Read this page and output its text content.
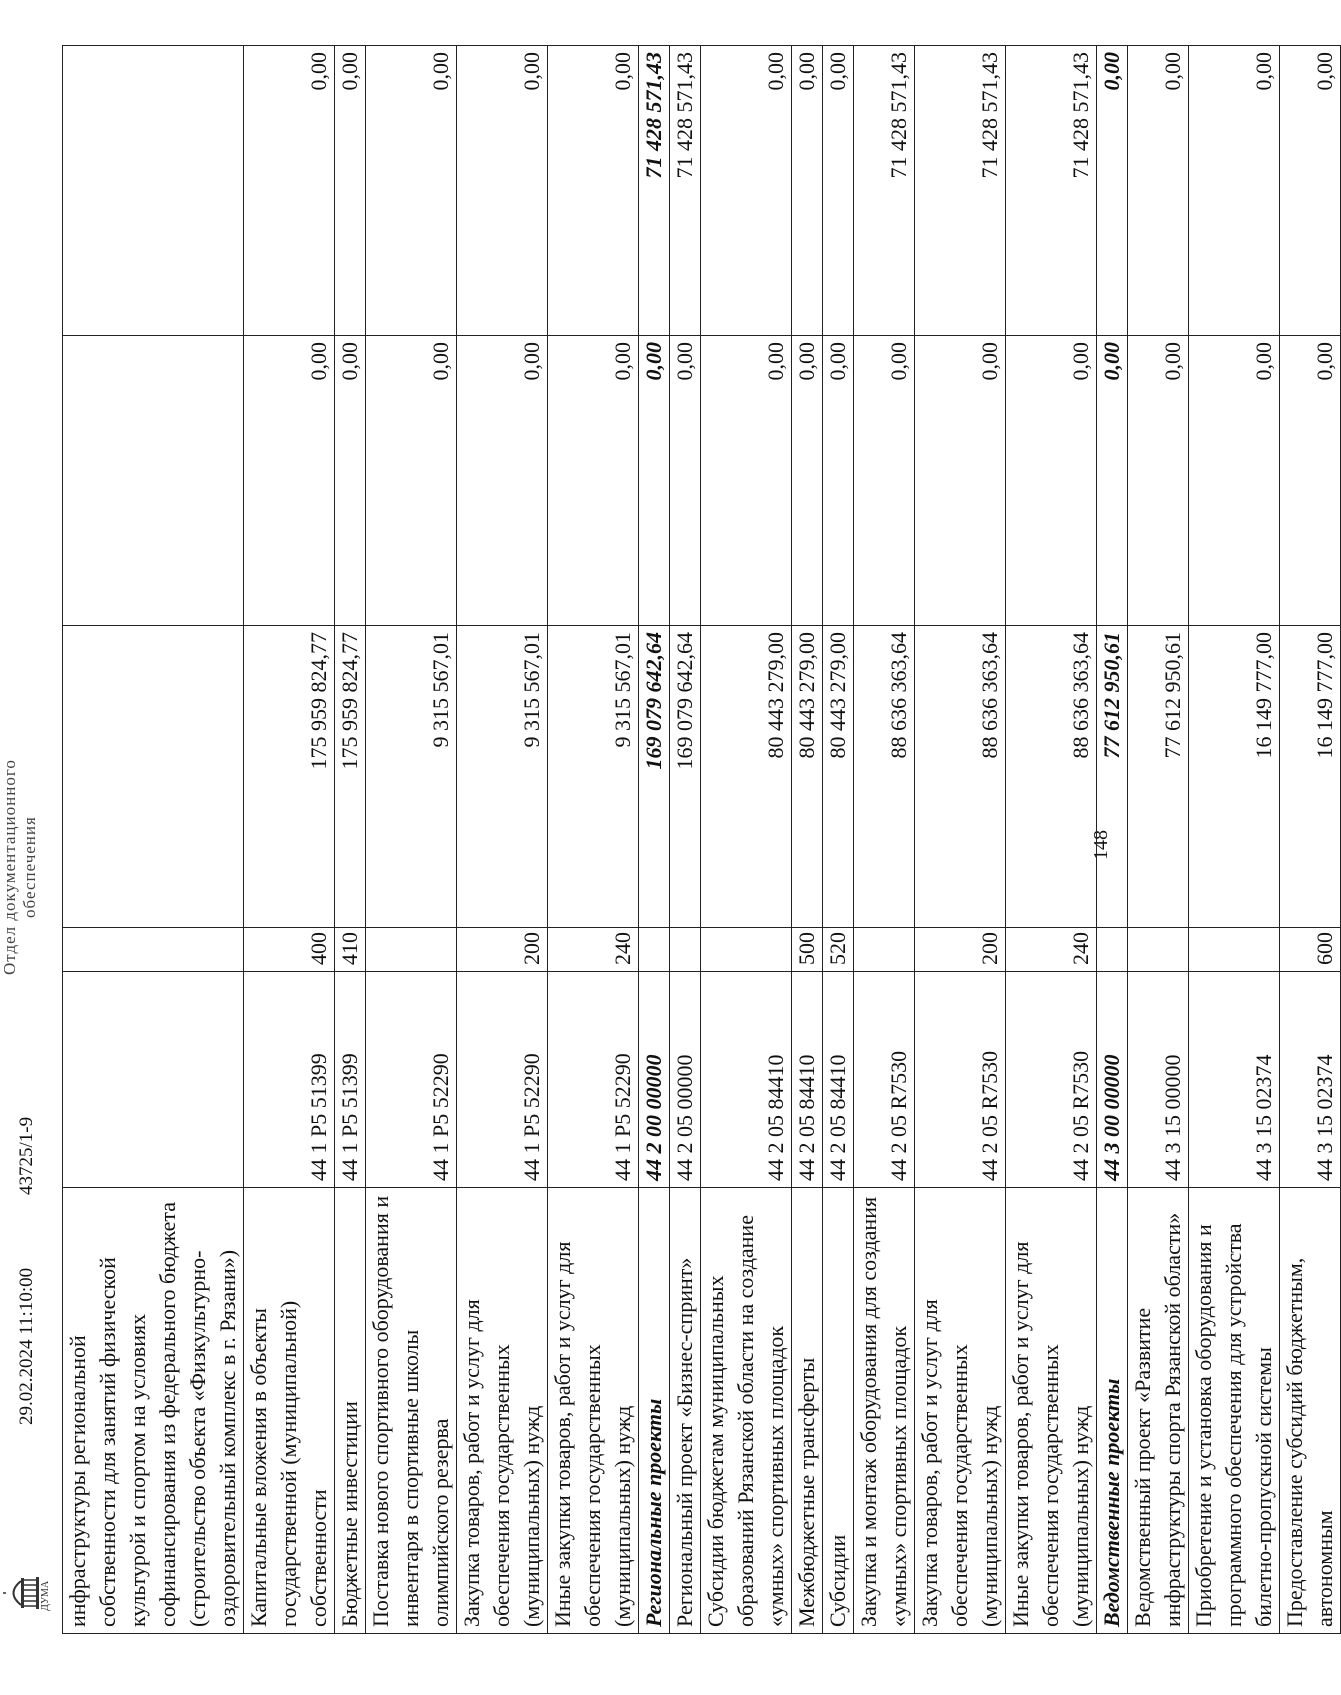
148
инфраструктуры региональной собственности для занятий физической культурой и спортом на условиях софинансирования из федерального бюджета (строительство объекта «Физкультурно-оздоровительный комплекс в г. Рязани»)					
Капитальные вложения в объекты государственной (муниципальной) собственности	44 1 Р5 51399	400	175 959 824,77	0,00	0,00
Бюджетные инвестиции	44 1 Р5 51399	410	175 959 824,77	0,00	0,00
Поставка нового спортивного оборудования и инвентаря в спортивные школы олимпийского резерва	44 1 Р5 52290		9 315 567,01	0,00	0,00
Закупка товаров, работ и услуг для обеспечения государственных (муниципальных) нужд	44 1 Р5 52290	200	9 315 567,01	0,00	0,00
Иные закупки товаров, работ и услуг для обеспечения государственных (муниципальных) нужд	44 1 Р5 52290	240	9 315 567,01	0,00	0,00
Региональные проекты	44 2 00 00000		169 079 642,64	0,00	71 428 571,43
Региональный проект «Бизнес-спринт»	44 2 05 00000		169 079 642,64	0,00	71 428 571,43
Субсидии бюджетам муниципальных образований Рязанской области на создание «умных» спортивных площадок	44 2 05 84410		80 443 279,00	0,00	0,00
Межбюджетные трансферты	44 2 05 84410	500	80 443 279,00	0,00	0,00
Субсидии	44 2 05 84410	520	80 443 279,00	0,00	0,00
Закупка и монтаж оборудования для создания «умных» спортивных площадок	44 2 05 R7530		88 636 363,64	0,00	71 428 571,43
Закупка товаров, работ и услуг для обеспечения государственных (муниципальных) нужд	44 2 05 R7530	200	88 636 363,64	0,00	71 428 571,43
Иные закупки товаров, работ и услуг для обеспечения государственных (муниципальных) нужд	44 2 05 R7530	240	88 636 363,64	0,00	71 428 571,43
Ведомственные проекты	44 3 00 00000		77 612 950,61	0,00	0,00
Ведомственный проект «Развитие инфраструктуры спорта Рязанской области»	44 3 15 00000		77 612 950,61	0,00	0,00
Приобретение и установка оборудования и программного обеспечения для устройства билетно-пропускной системы	44 3 15 02374		16 149 777,00	0,00	0,00
Предоставление субсидий бюджетным, автономным	44 3 15 02374	600	16 149 777,00	0,00	0,00
ДУМА
29.02.2024 11:10:00
43725/1-9
Отдел документационного обеспечения
